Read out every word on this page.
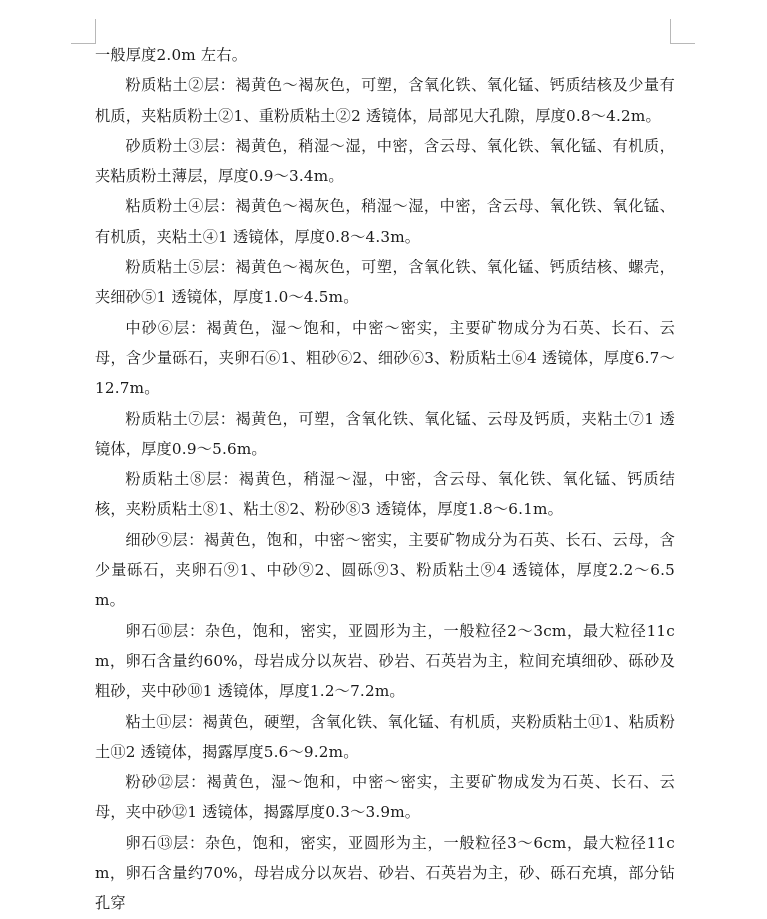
一般厚度2.0m 左右。

粉质粘土②层：褐黄色～褐灰色，可塑，含氧化铁、氧化锰、钙质结核及少量有机质，夹粘质粉土②1、重粉质粘土②2 透镜体，局部见大孔隙，厚度0.8～4.2m。

砂质粉土③层：褐黄色，稍湿～湿，中密，含云母、氧化铁、氧化锰、有机质，夹粘质粉土薄层，厚度0.9～3.4m。

粘质粉土④层：褐黄色～褐灰色，稍湿～湿，中密，含云母、氧化铁、氧化锰、有机质，夹粘土④1 透镜体，厚度0.8～4.3m。

粉质粘土⑤层：褐黄色～褐灰色，可塑，含氧化铁、氧化锰、钙质结核、螺壳，夹细砂⑤1 透镜体，厚度1.0～4.5m。

中砂⑥层：褐黄色，湿～饱和，中密～密实，主要矿物成分为石英、长石、云母，含少量砾石，夹卵石⑥1、粗砂⑥2、细砂⑥3、粉质粘土⑥4 透镜体，厚度6.7～12.7m。

粉质粘土⑦层：褐黄色，可塑，含氧化铁、氧化锰、云母及钙质，夹粘土⑦1 透镜体，厚度0.9～5.6m。

粉质粘土⑧层：褐黄色，稍湿～湿，中密，含云母、氧化铁、氧化锰、钙质结核，夹粉质粘土⑧1、粘土⑧2、粉砂⑧3 透镜体，厚度1.8～6.1m。

细砂⑨层：褐黄色，饱和，中密～密实，主要矿物成分为石英、长石、云母，含少量砾石，夹卵石⑨1、中砂⑨2、圆砾⑨3、粉质粘土⑨4 透镜体，厚度2.2～6.5m。

卵石⑩层：杂色，饱和，密实，亚圆形为主，一般粒径2～3cm，最大粒径11cm，卵石含量约60%，母岩成分以灰岩、砂岩、石英岩为主，粒间充填细砂、砾砂及粗砂，夹中砂⑩1 透镜体，厚度1.2～7.2m。

粘土⑪层：褐黄色，硬塑，含氧化铁、氧化锰、有机质，夹粉质粘土⑪1、粘质粉土⑪2 透镜体，揭露厚度5.6～9.2m。

粉砂⑫层：褐黄色，湿～饱和，中密～密实，主要矿物成发为石英、长石、云母，夹中砂⑫1 透镜体，揭露厚度0.3～3.9m。

卵石⑬层：杂色，饱和，密实，亚圆形为主，一般粒径3～6cm，最大粒径11cm，卵石含量约70%，母岩成分以灰岩、砂岩、石英岩为主，砂、砾石充填，部分钻孔穿
